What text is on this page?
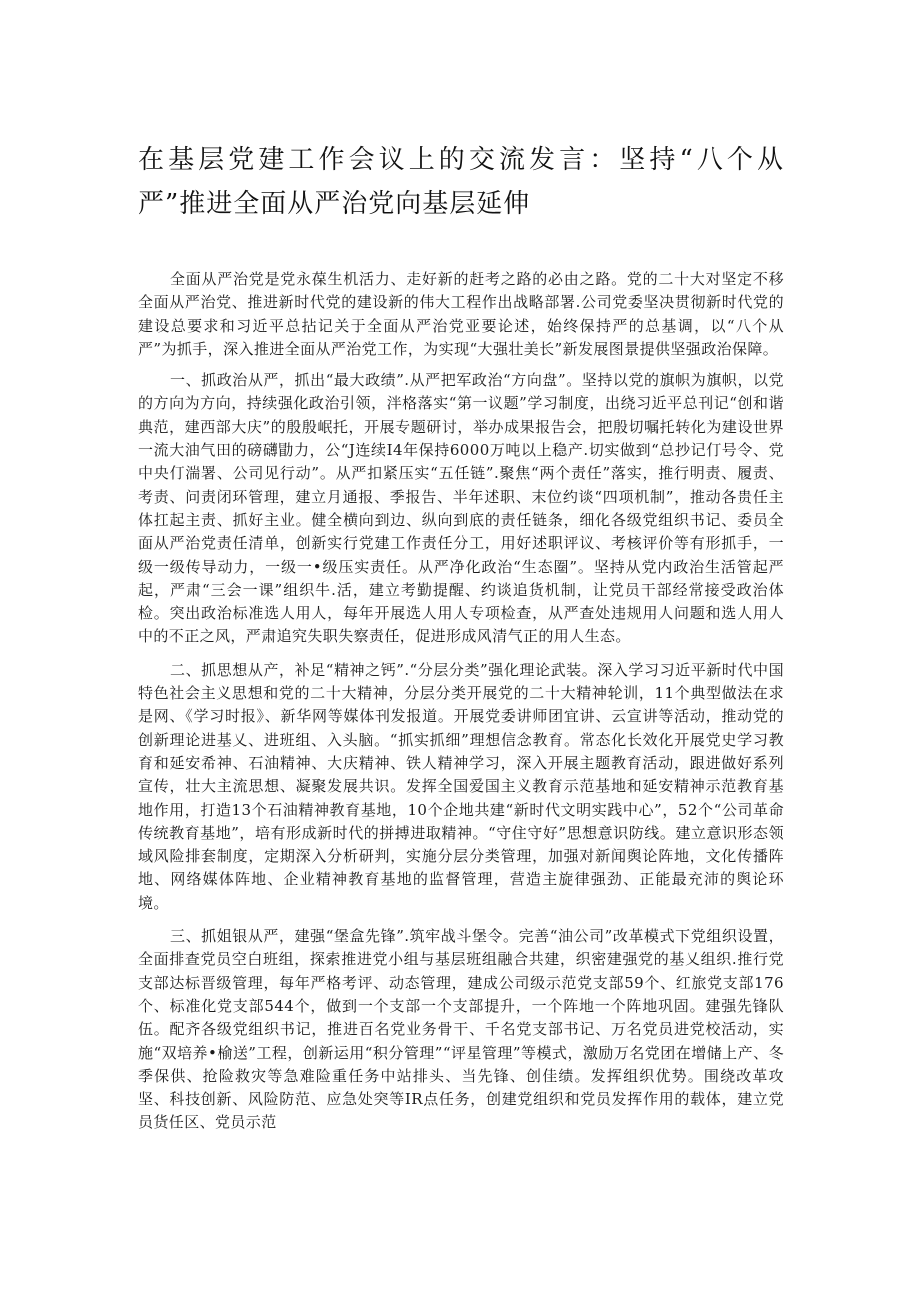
在基层党建工作会议上的交流发言：坚持“八个从严”推进全面从严治党向基层延伸

全面从严治党是党永葆生机活力、走好新的赶考之路的必由之路。党的二十大对坚定不移全面从严治党、推进新时代党的建设新的伟大工程作出战略部署.公司党委坚决贯彻新时代党的建设总要求和习近平总拈记关于全面从严治党亚要论述，始终保持严的总基调，以“八个从严”为抓手，深入推进全面从严治党工作，为实现“大强壮美长”新发展图景提供坚强政治保障。

一、抓政治从严，抓出“最大政绩”.从严把军政治“方向盘”。坚持以党的旗帜为旗帜，以党的方向为方向，持续强化政治引领，泮格落实“第一议题”学习制度，出绕习近平总刊记“创和谐典范，建西部大庆”的殷殷岷托，开展专题研讨，举办成果报告会，把殷切嘱托转化为建设世界一流大油气田的磅礴勖力，公“J连续I4年保持6000万吨以上稳产.切实做到“总抄记仃号令、党中央仃湍署、公司见行动”。从严扣紧压实“五任链”.聚焦“两个责任”落实，推行明责、履责、考责、问责闭环管理，建立月通报、季报告、半年述职、末位约谈“四项机制”，推动各贵任主体扛起主责、抓好主业。健全横向到边、纵向到底的责任链条，细化各级党组织书记、委员全面从严治党责任清单，创新实行党建工作责任分工，用好述职评议、考核评价等有形抓手，一级一级传导动力，一级一•级压实责任。从严净化政治“生态圈”。坚持从党内政治生活管起严起，严肃“三会一课”组织牛.活，建立考勤提醒、约谈追货机制，让党员干部经常接受政治体检。突出政治标准选人用人，每年开展选人用人专项检查，从严查处违规用人问题和选人用人中的不正之风，严肃追究失职失察责任，促进形成风清气正的用人生态。

二、抓思想从产，补足“精神之钙”.“分层分类”强化理论武装。深入学习习近平新时代中国特色社会主义思想和党的二十大精神，分层分类开展党的二十大精神轮训，11个典型做法在求是网、《学习时报》、新华网等媒体刊发报道。开展党委讲师团宜讲、云宣讲等活动，推动党的创新理论进基乂、进班组、入头脑。“抓实抓细”理想信念教育。常态化长效化开展党史学习教育和延安希神、石油精神、大庆精神、铁人精神学习，深入开展主题教育活动，跟进做好系列宣传，壮大主流思想、凝聚发展共识。发挥全国爱国主义教育示范基地和延安精神示范教育基地作用，打造13个石油精神教育基地，10个企地共建“新时代文明实践中心”，52个“公司革命传统教育基地”，培有形成新时代的拼搏进取精神。“守住守好”思想意识防线。建立意识形态领域风险排套制度，定期深入分析研判，实施分层分类管理，加强对新闻舆论阵地，文化传播阵地、网络媒体阵地、企业精神教育基地的监督管理，营造主旋律强劲、正能最充沛的舆论环境。

三、抓姐银从严，建强“堡盒先锋”.筑牢战斗堡令。完善“油公司”改革模式下党组织设置，全面排查党员空白班组，探索推进党小组与基层班组融合共建，织密建强党的基乂组织.推行党支部达标晋级管理，每年严格考评、动态管理，建成公司级示范党支部59个、红旅党支部176个、标准化党支部544个，做到一个支部一个支部提升，一个阵地一个阵地巩固。建强先锋队伍。配齐各级党组织书记，推进百名党业务骨干、千名党支部书记、万名党员进党校活动，实施“双培养•榆送”工程，创新运用“积分管理”“评星管理”等模式，激励万名党团在增储上产、冬季保供、抢险救灾等急难险重任务中站排头、当先锋、创佳绩。发挥组织优势。围绕改革攻坚、科技创新、风险防范、应急处突等IR点任务，创建党组织和党员发挥作用的载体，建立党员货任区、党员示范
